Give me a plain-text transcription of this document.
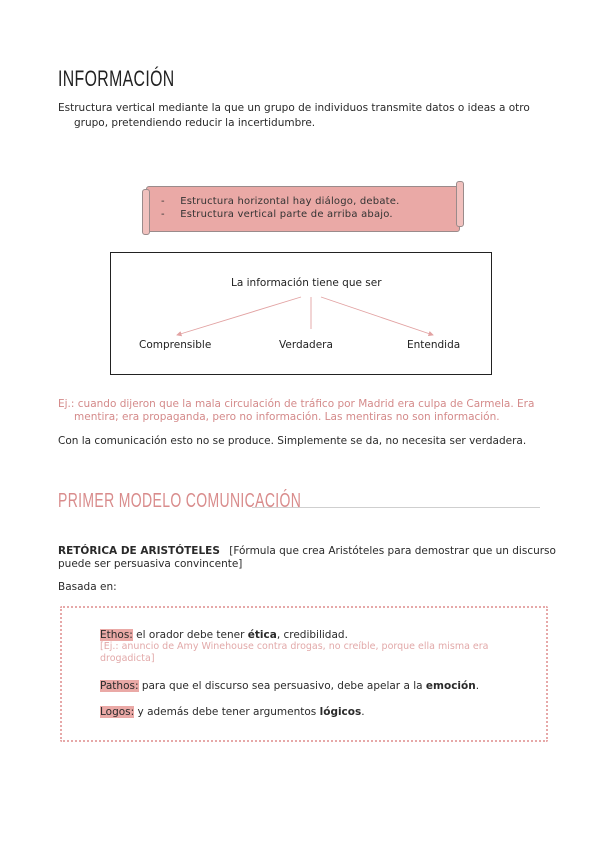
INFORMACIÓN
Estructura vertical mediante la que un grupo de individuos transmite datos o ideas a otro
grupo, pretendiendo reducir la incertidumbre.
- Estructura horizontal hay diálogo, debate.
- Estructura vertical parte de arriba abajo.
La información tiene que ser
Comprensible	Verdadera	Entendida
Ej.: cuando dijeron que la mala circulación de tráfico por Madrid era culpa de Carmela. Era
mentira; era propaganda, pero no información. Las mentiras no son información.
Con la comunicación esto no se produce. Simplemente se da, no necesita ser verdadera.
PRIMER MODELO COMUNICACIÓN
RETÓRICA DE ARISTÓTELES [Fórmula que crea Aristóteles para demostrar que un discurso
puede ser persuasiva convincente]
Basada en:
Ethos: el orador debe tener ética, credibilidad.
[Ej.: anuncio de Amy Winehouse contra drogas, no creíble, porque ella misma era
drogadicta]
Pathos: para que el discurso sea persuasivo, debe apelar a la emoción.
Logos: y además debe tener argumentos lógicos.
